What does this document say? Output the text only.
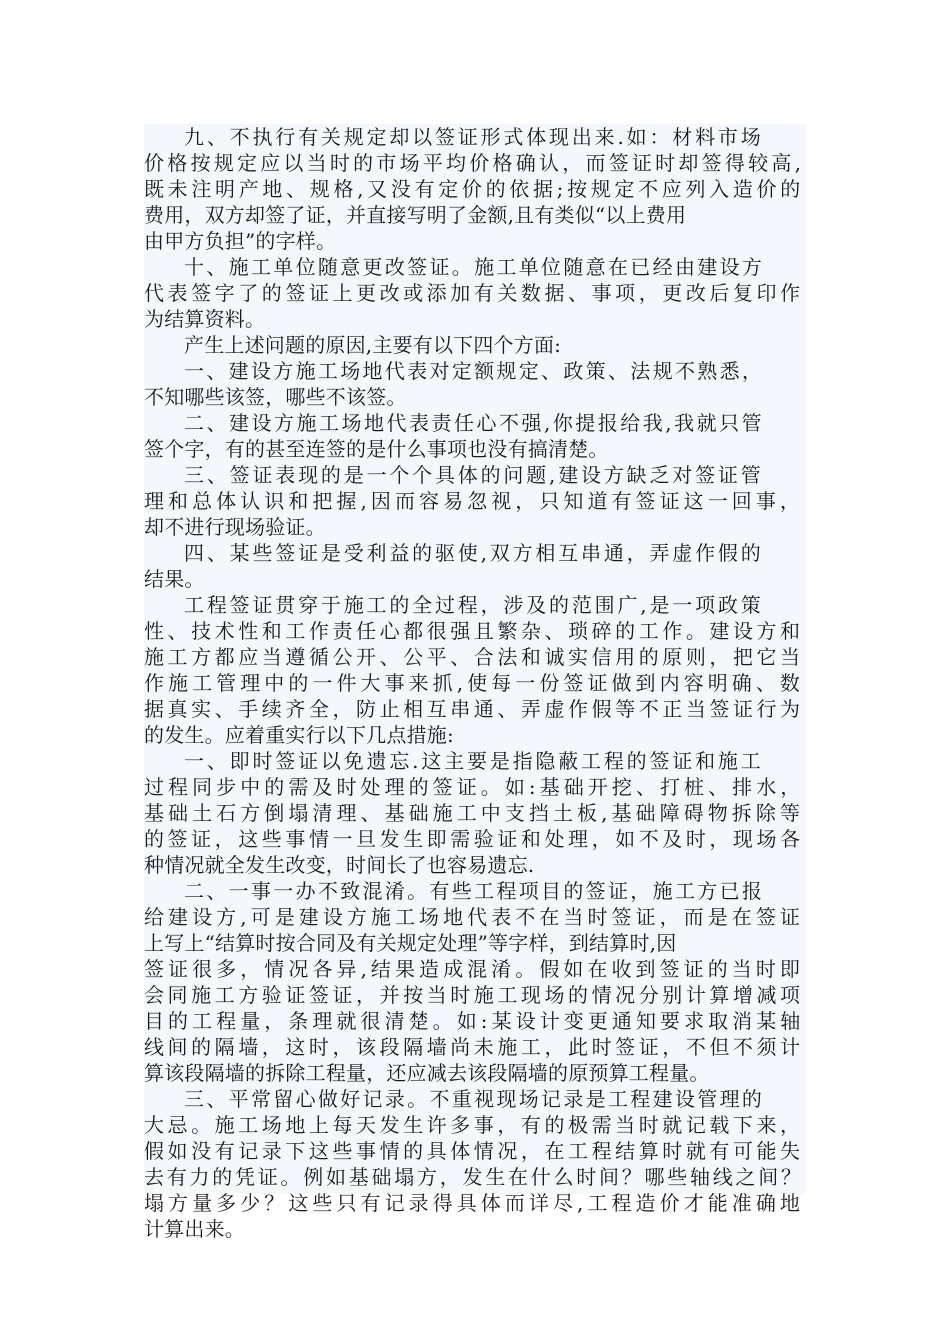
九、不执行有关规定却以签证形式体现出来.如：材料市场
价格按规定应以当时的市场平均价格确认，而签证时却签得较高,
既未注明产地、规格,又没有定价的依据;按规定不应列入造价的
费用，双方却签了证，并直接写明了金额,且有类似“以上费用
由甲方负担”的字样。
十、施工单位随意更改签证。施工单位随意在已经由建设方
代表签字了的签证上更改或添加有关数据、事项，更改后复印作
为结算资料。
产生上述问题的原因,主要有以下四个方面:
一、建设方施工场地代表对定额规定、政策、法规不熟悉，
不知哪些该签，哪些不该签。
二、建设方施工场地代表责任心不强,你提报给我,我就只管
签个字，有的甚至连签的是什么事项也没有搞清楚。
三、签证表现的是一个个具体的问题,建设方缺乏对签证管
理和总体认识和把握,因而容易忽视，只知道有签证这一回事，
却不进行现场验证。
四、某些签证是受利益的驱使,双方相互串通，弄虚作假的
结果。
工程签证贯穿于施工的全过程，涉及的范围广,是一项政策
性、技术性和工作责任心都很强且繁杂、琐碎的工作。建设方和
施工方都应当遵循公开、公平、合法和诚实信用的原则，把它当
作施工管理中的一件大事来抓,使每一份签证做到内容明确、数
据真实、手续齐全，防止相互串通、弄虚作假等不正当签证行为
的发生。应着重实行以下几点措施:
一、即时签证以免遗忘.这主要是指隐蔽工程的签证和施工
过程同步中的需及时处理的签证。如:基础开挖、打桩、排水，
基础土石方倒塌清理、基础施工中支挡土板,基础障碍物拆除等
的签证，这些事情一旦发生即需验证和处理，如不及时，现场各
种情况就全发生改变，时间长了也容易遗忘.
二、一事一办不致混淆。有些工程项目的签证，施工方已报
给建设方,可是建设方施工场地代表不在当时签证，而是在签证
上写上“结算时按合同及有关规定处理”等字样，到结算时,因
签证很多，情况各异,结果造成混淆。假如在收到签证的当时即
会同施工方验证签证，并按当时施工现场的情况分别计算增减项
目的工程量，条理就很清楚。如:某设计变更通知要求取消某轴
线间的隔墙，这时，该段隔墙尚未施工，此时签证，不但不须计
算该段隔墙的拆除工程量，还应减去该段隔墙的原预算工程量。
三、平常留心做好记录。不重视现场记录是工程建设管理的
大忌。施工场地上每天发生许多事，有的极需当时就记载下来，
假如没有记录下这些事情的具体情况，在工程结算时就有可能失
去有力的凭证。例如基础塌方，发生在什么时间？哪些轴线之间？
塌方量多少？这些只有记录得具体而详尽,工程造价才能准确地
计算出来。
